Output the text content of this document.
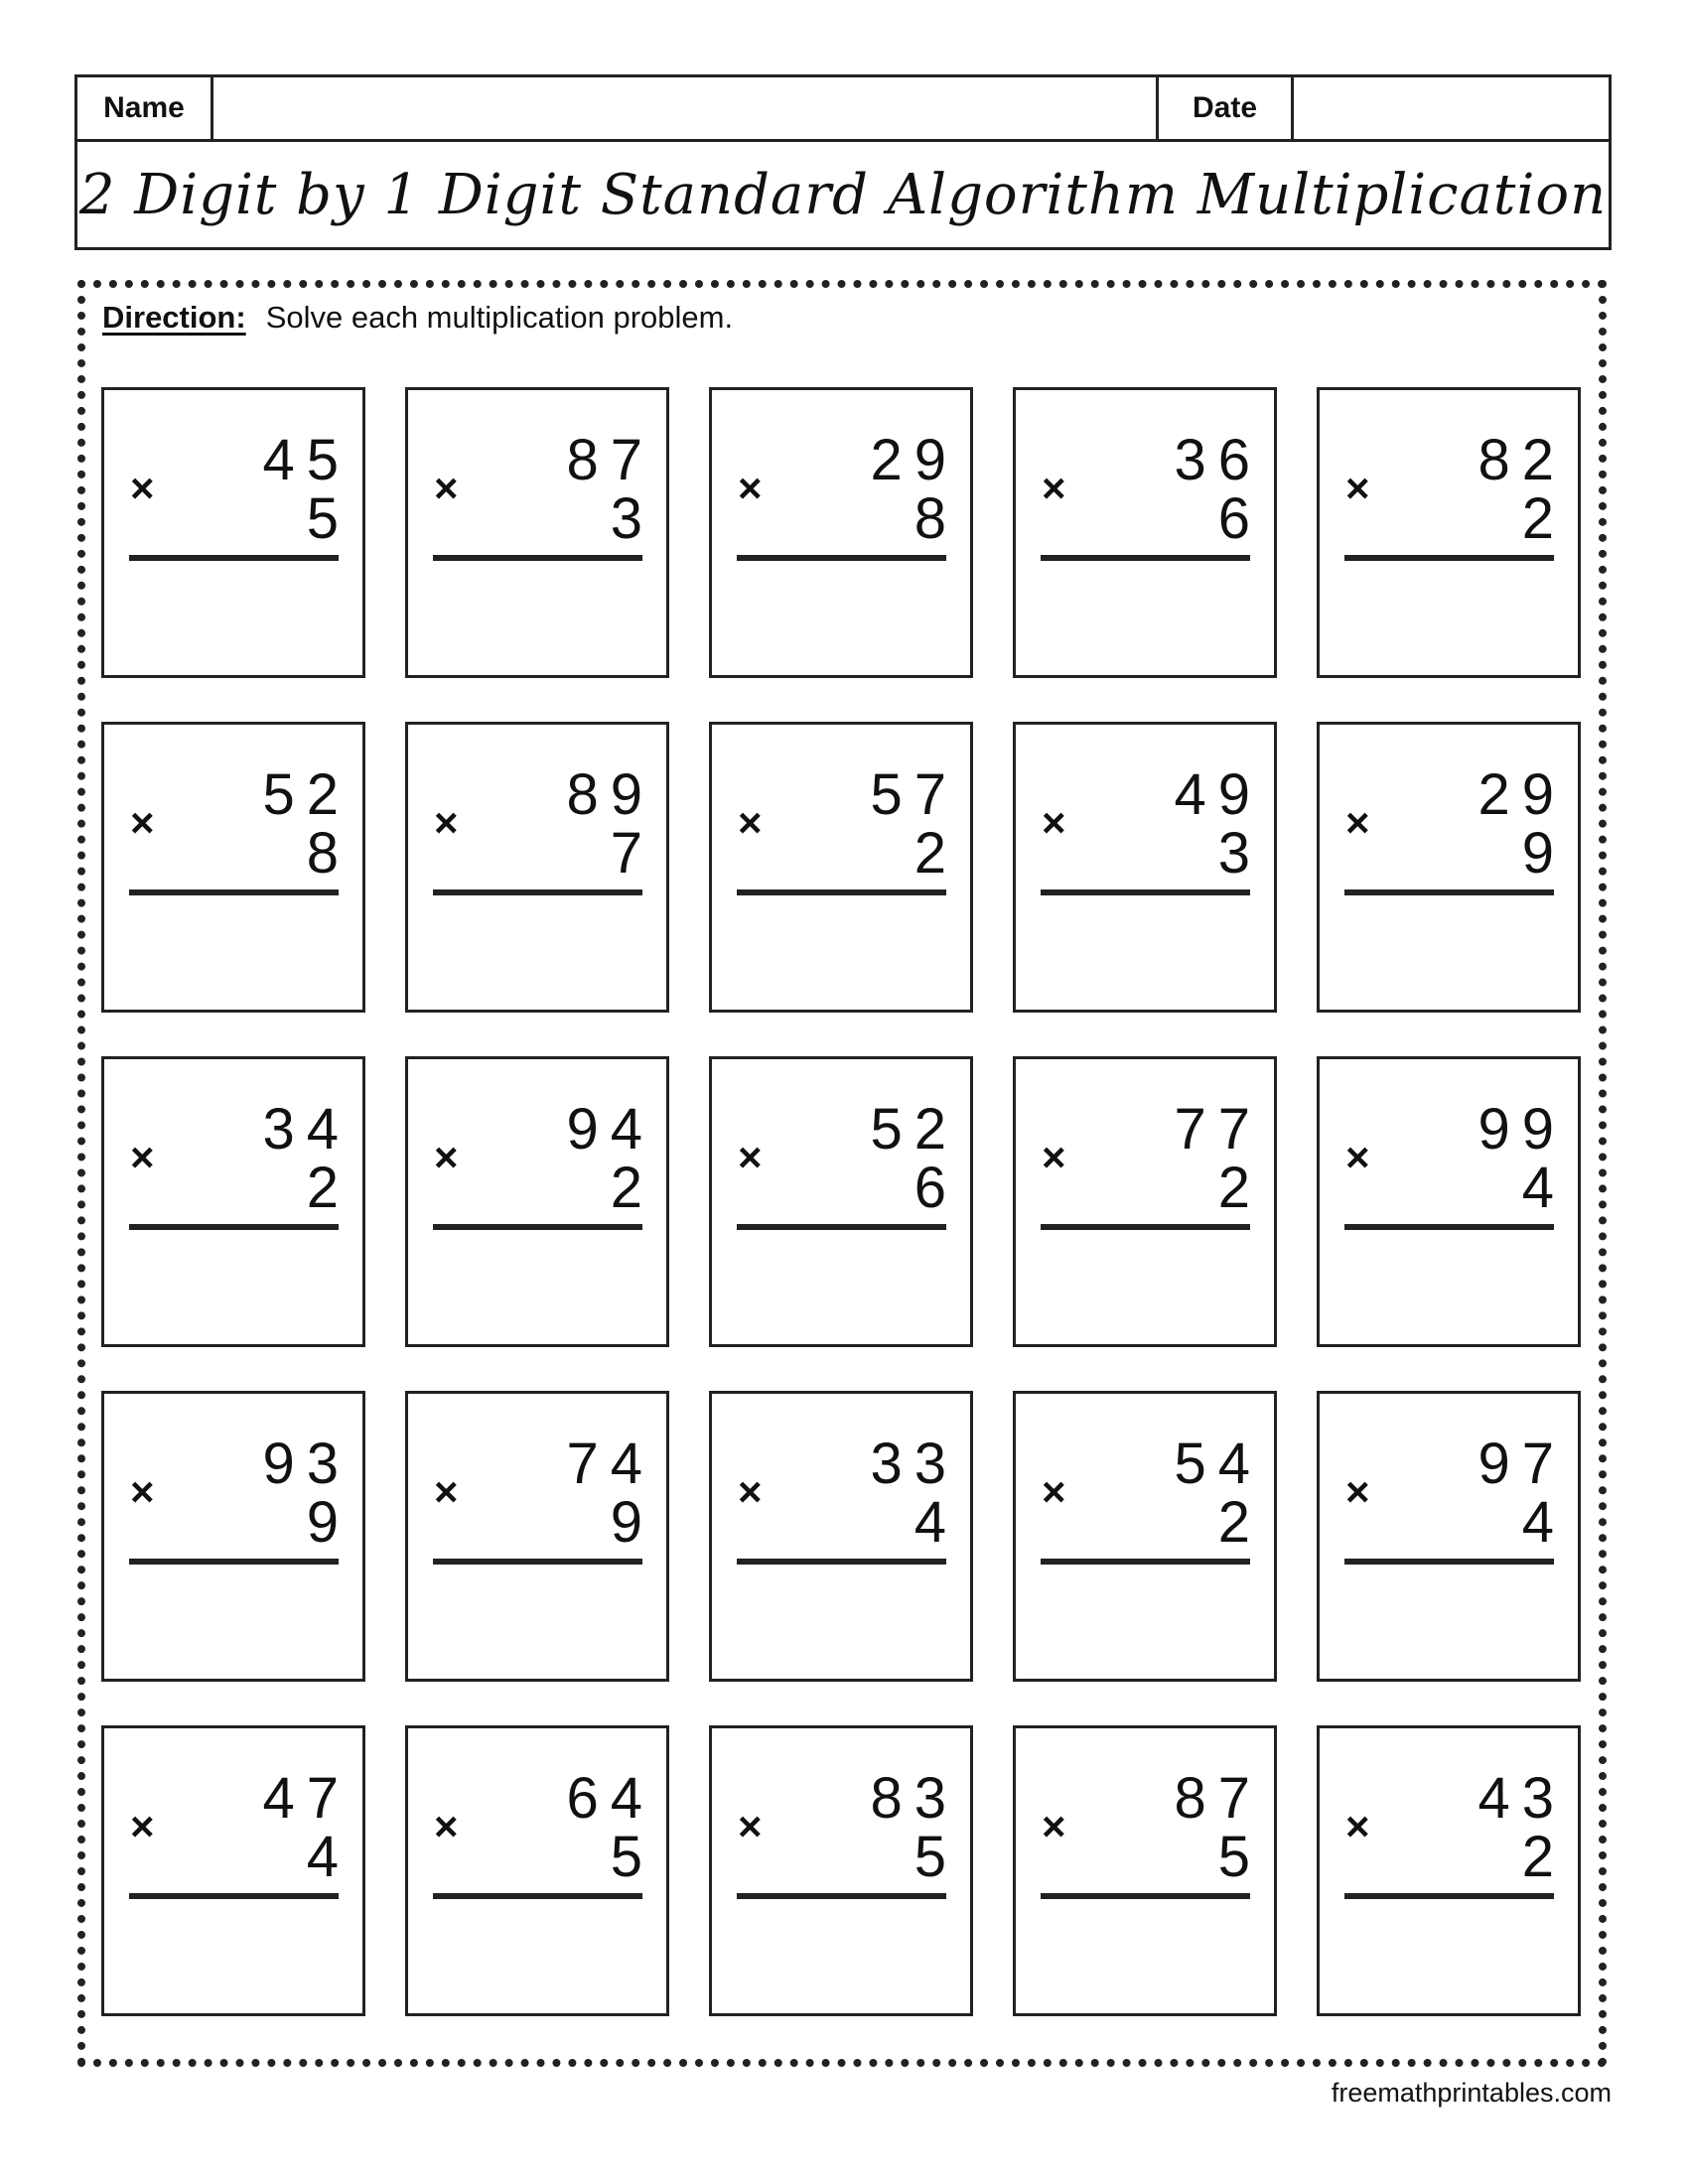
Name	Date
2 Digit by 1 Digit Standard Algorithm Multiplication
Direction: Solve each multiplication problem.
45
×	5
87
×	3
29
×	8
36
×	6
82
×	2
52
×	8
89
×	7
57
×	2
49
×	3
29
×	9
34
×	2
94
×	2
52
×	6
77
×	2
99
×	4
93
×	9
74
×	9
33
×	4
54
×	2
97
×	4
47
×	4
64
×	5
83
×	5
87
×	5
43
×	2
freemathprintables.com
